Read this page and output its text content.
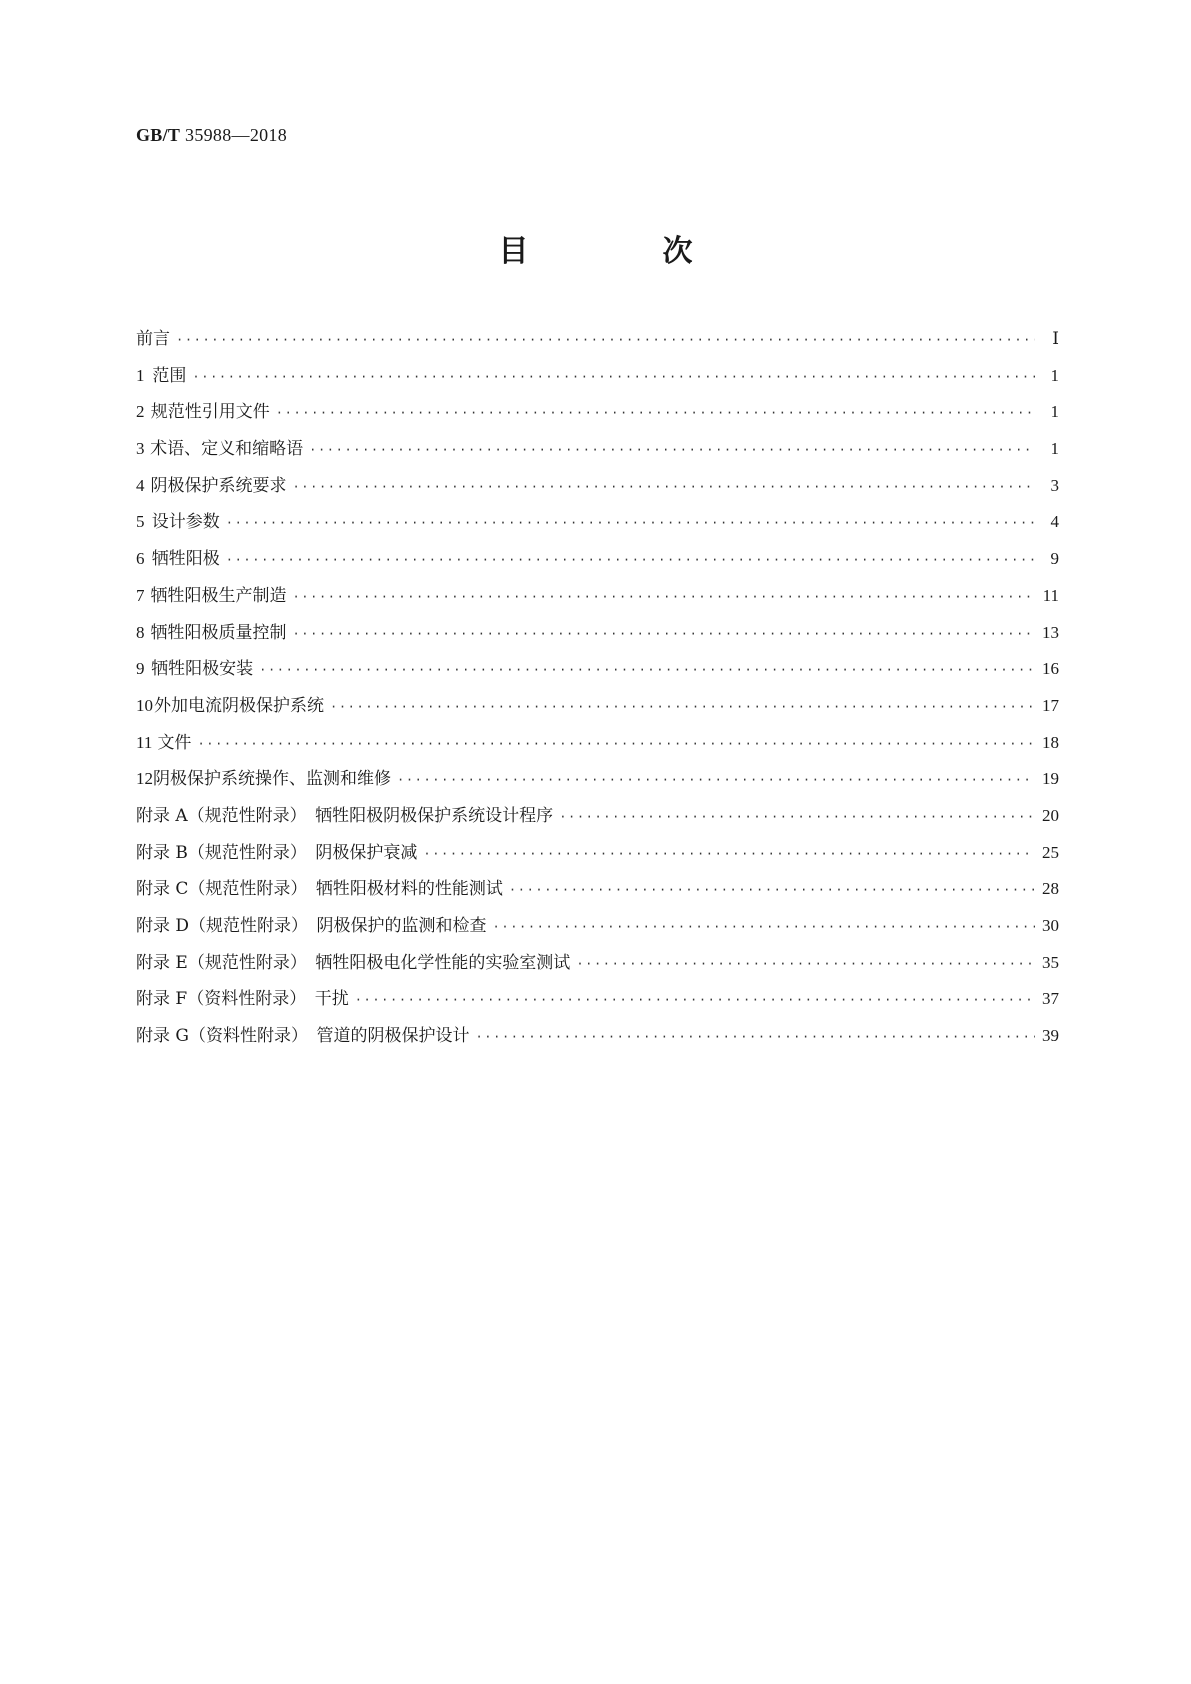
GB/T 35988—2018
目　次
前言 ·····	Ⅰ
1 范围 ·····	1
2 规范性引用文件 ·····	1
3 术语、定义和缩略语 ·····	1
4 阴极保护系统要求 ·····	3
5 设计参数 ·····	4
6 牺牲阳极 ·····	9
7 牺牲阳极生产制造 ·····	11
8 牺牲阳极质量控制 ·····	13
9 牺牲阳极安装 ·····	16
10 外加电流阴极保护系统 ·····	17
11 文件 ·····	18
12 阴极保护系统操作、监测和维修 ·····	19
附录 A（规范性附录）　牺牲阳极阴极保护系统设计程序 ·····	20
附录 B（规范性附录）　阴极保护衰减 ·····	25
附录 C（规范性附录）　牺牲阳极材料的性能测试 ·····	28
附录 D（规范性附录）　阴极保护的监测和检查 ·····	30
附录 E（规范性附录）　牺牲阳极电化学性能的实验室测试 ·····	35
附录 F（资料性附录）　干扰 ·····	37
附录 G（资料性附录）　管道的阴极保护设计 ·····	39
